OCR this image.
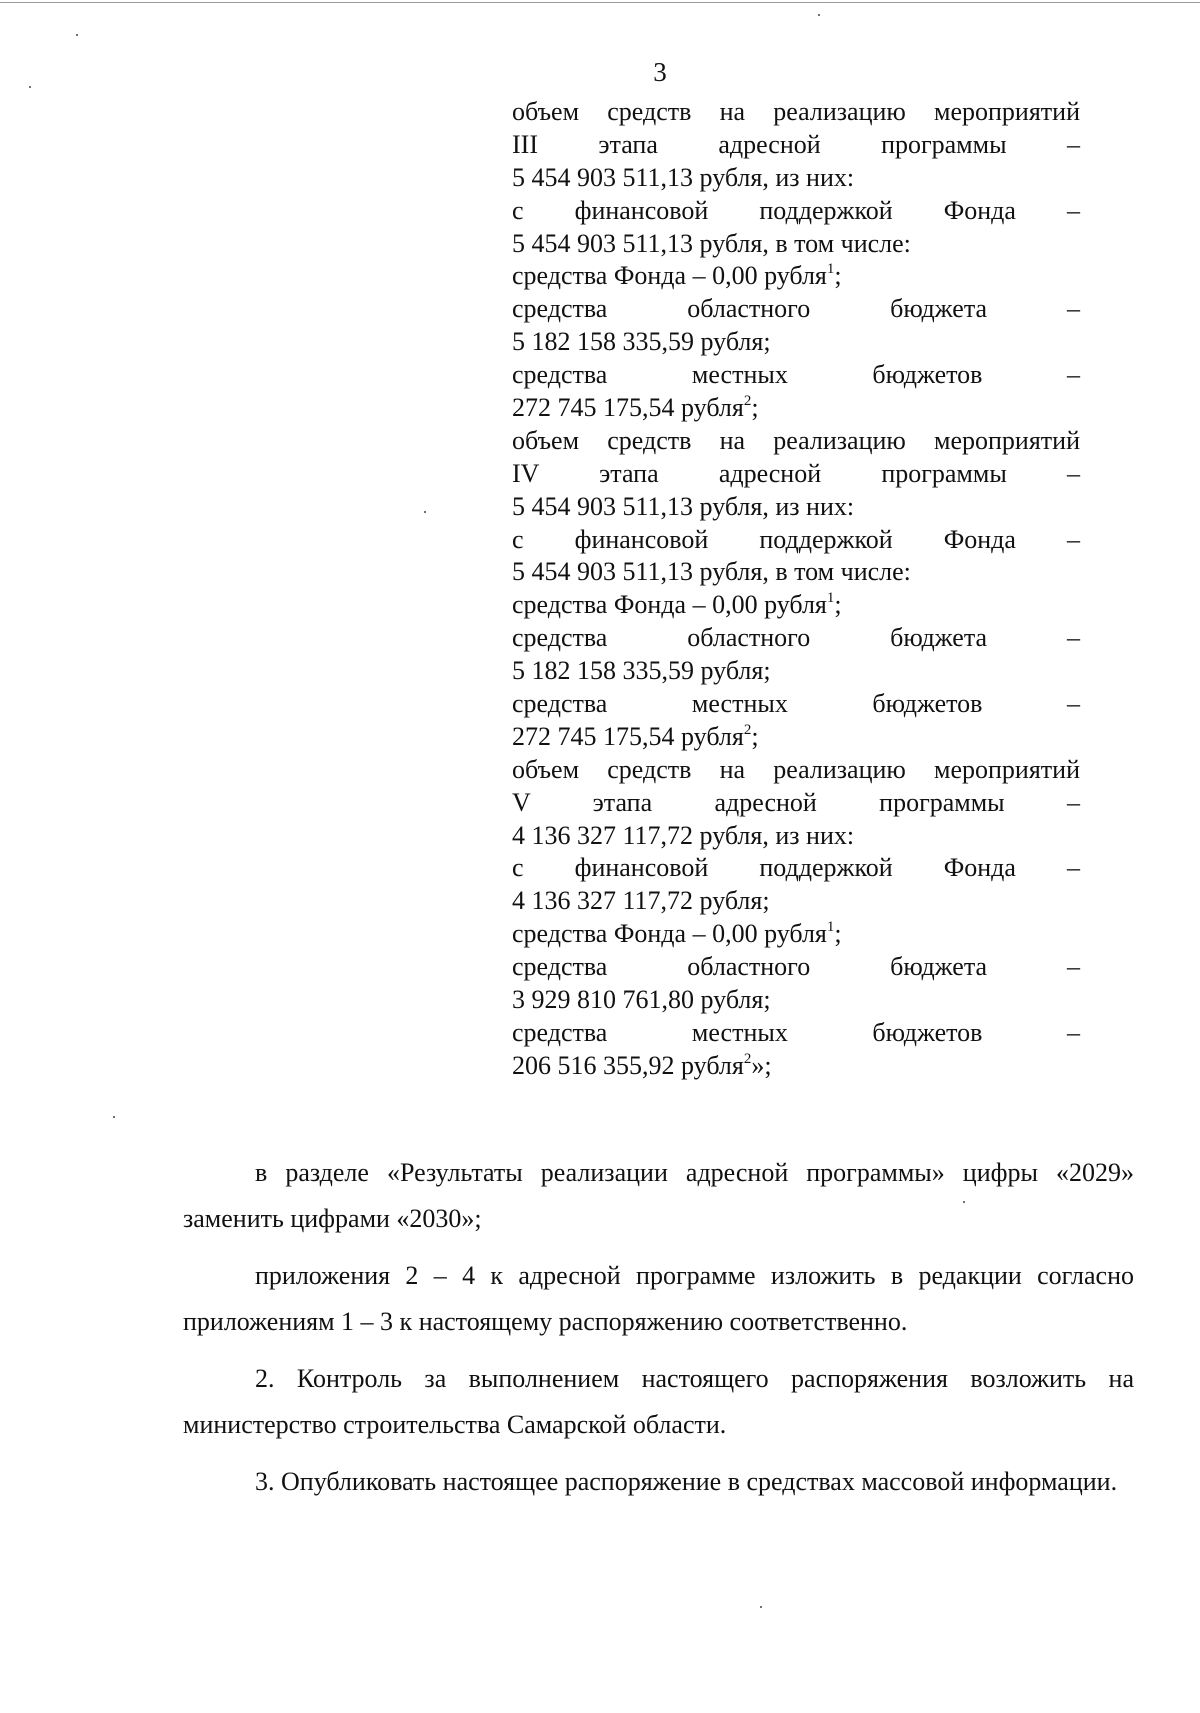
3
объем средств на реализацию мероприятий
III этапа адресной программы –
5 454 903 511,13 рубля, из них:
с финансовой поддержкой Фонда –
5 454 903 511,13 рубля, в том числе:
средства Фонда – 0,00 рубля$^1$;
средства областного бюджета –
5 182 158 335,59 рубля;
средства местных бюджетов –
272 745 175,54 рубля$^2$;
объем средств на реализацию мероприятий
IV этапа адресной программы –
5 454 903 511,13 рубля, из них:
с финансовой поддержкой Фонда –
5 454 903 511,13 рубля, в том числе:
средства Фонда – 0,00 рубля$^1$;
средства областного бюджета –
5 182 158 335,59 рубля;
средства местных бюджетов –
272 745 175,54 рубля$^2$;
объем средств на реализацию мероприятий
V этапа адресной программы –
4 136 327 117,72 рубля, из них:
с финансовой поддержкой Фонда –
4 136 327 117,72 рубля;
средства Фонда – 0,00 рубля$^1$;
средства областного бюджета –
3 929 810 761,80 рубля;
средства местных бюджетов –
206 516 355,92 рубля$^2$»;

в разделе «Результаты реализации адресной программы» цифры «2029» заменить цифрами «2030»;

приложения 2 – 4 к адресной программе изложить в редакции согласно приложениям 1 – 3 к настоящему распоряжению соответственно.

2. Контроль за выполнением настоящего распоряжения возложить на министерство строительства Самарской области.

3. Опубликовать настоящее распоряжение в средствах массовой информации.
